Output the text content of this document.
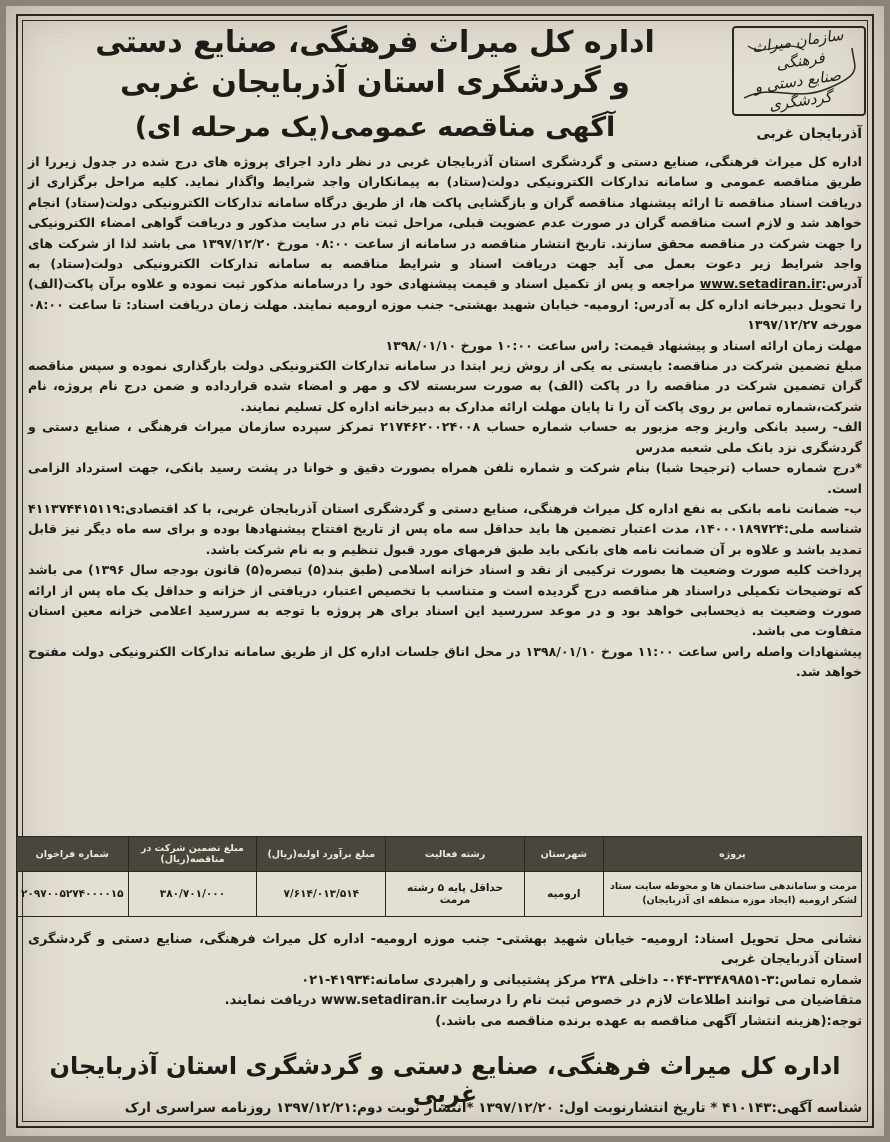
سازمان میراث فرهنگی
صنایع دستی و گردشگری
آذربایجان غربی
اداره کل میراث فرهنگی، صنایع دستی
و گردشگری استان آذربایجان غربی
آگهی مناقصه عمومی(یک مرحله ای)

اداره کل میراث فرهنگی، صنایع دستی و گردشگری استان آذربایجان غربی در نظر دارد اجرای پروژه های درج شده در جدول زیررا از طریق مناقصه عمومی و سامانه تدارکات الکترونیکی دولت(ستاد) به پیمانکاران واجد شرایط واگذار نماید. کلیه مراحل برگزاری از دریافت اسناد مناقصه تا ارائه پیشنهاد مناقصه گران و بازگشایی پاکت ها، از طریق درگاه سامانه تدارکات الکترونیکی دولت(ستاد) انجام خواهد شد و لازم است مناقصه گران در صورت عدم عضویت قبلی، مراحل ثبت نام در سایت مذکور و دریافت گواهی امضاء الکترونیکی را جهت شرکت در مناقصه محقق سازند. تاریخ انتشار مناقصه در سامانه از ساعت ۰۸:۰۰ مورخ ۱۳۹۷/۱۲/۲۰ می باشد لذا از شرکت های واجد شرایط زیر دعوت بعمل می آید جهت دریافت اسناد و شرایط مناقصه به سامانه تدارکات الکترونیکی دولت(ستاد) به آدرس:www.setadiran.ir مراجعه و پس از تکمیل اسناد و قیمت پیشنهادی خود را درسامانه مذکور ثبت نموده و علاوه برآن پاکت(الف) را تحویل دبیرخانه اداره کل به آدرس: ارومیه- خیابان شهید بهشتی- جنب موزه ارومیه نمایند. مهلت زمان دریافت اسناد: تا ساعت ۰۸:۰۰ مورخه ۱۳۹۷/۱۲/۲۷

مهلت زمان ارائه اسناد و پیشنهاد قیمت: راس ساعت ۱۰:۰۰ مورخ ۱۳۹۸/۰۱/۱۰

مبلغ تضمین شرکت در مناقصه: بایستی به یکی از روش زیر ابتدا در سامانه تدارکات الکترونیکی دولت بارگذاری نموده و سپس مناقصه گران تضمین شرکت در مناقصه را در پاکت (الف) به صورت سربسته لاک و مهر و امضاء شده قرارداده و ضمن درج نام پروژه، نام شرکت،شماره تماس بر روی پاکت آن را تا پایان مهلت ارائه مدارک به دبیرخانه اداره کل تسلیم نمایند.

الف- رسید بانکی واریز وجه مزبور به حساب شماره حساب ۲۱۷۴۶۲۰۰۲۴۰۰۸ تمرکز سپرده سازمان میراث فرهنگی ، صنایع دستی و گردشگری نزد بانک ملی شعبه مدرس

*درج شماره حساب (ترجیحا شبا) بنام شرکت و شماره تلفن همراه بصورت دقیق و خوانا در پشت رسید بانکی، جهت استرداد الزامی است.

ب- ضمانت نامه بانکی به نفع اداره کل میراث فرهنگی، صنایع دستی و گردشگری استان آذربایجان غربی، با کد اقتصادی:۴۱۱۳۷۴۴۱۵۱۱۹ شناسه ملی:۱۴۰۰۰۱۸۹۷۲۴، مدت اعتبار تضمین ها باید حداقل سه ماه پس از تاریخ افتتاح پیشنهادها بوده و برای سه ماه دیگر نیز قابل تمدید باشد و علاوه بر آن ضمانت نامه های بانکی باید طبق فرمهای مورد قبول تنظیم و به نام شرکت باشد.

پرداخت کلیه صورت وضعیت ها بصورت ترکیبی از نقد و اسناد خزانه اسلامی (طبق بند(۵) تبصره(۵) قانون بودجه سال ۱۳۹۶) می باشد که توضیحات تکمیلی دراسناد هر مناقصه درج گردیده است و متناسب با تخصیص اعتبار، دریافتی از خزانه و حداقل یک ماه پس از ارائه صورت وضعیت به ذیحسابی خواهد بود و در موعد سررسید این اسناد برای هر پروژه با توجه به سررسید اعلامی خزانه معین استان متفاوت می باشد.

پیشنهادات واصله راس ساعت ۱۱:۰۰ مورخ ۱۳۹۸/۰۱/۱۰ در محل اتاق جلسات اداره کل از طریق سامانه تدارکات الکترونیکی دولت مفتوح خواهد شد.

پروژه	شهرستان	رشته فعالیت	مبلغ برآورد اولیه(ریال)	مبلغ تضمین شرکت در مناقصه(ریال)	شماره فراخوان
مرمت و ساماندهی ساختمان ها و محوطه سایت ستاد لشکر ارومیه (ایجاد موزه منطقه ای آذربایجان)	ارومیه	حداقل پایه ۵ رشته مرمت	۷/۶۱۴/۰۱۳/۵۱۴	۳۸۰/۷۰۱/۰۰۰	۲۰۹۷۰۰۵۲۷۴۰۰۰۰۱۵

نشانی محل تحویل اسناد: ارومیه- خیابان شهید بهشتی- جنب موزه ارومیه- اداره کل میراث فرهنگی، صنایع دستی و گردشگری استان آذربایجان غربی

شماره تماس:۳-۳۳۴۸۹۸۵۱-۰۴۴- داخلی ۲۳۸ مرکز پشتیبانی و راهبردی سامانه:۴۱۹۳۴-۰۲۱

متقاضیان می توانند اطلاعات لازم در خصوص ثبت نام را درسایت www.setadiran.ir دریافت نمایند.

توجه:(هزینه انتشار آگهی مناقصه به عهده برنده مناقصه می باشد.)

اداره کل میراث فرهنگی، صنایع دستی و گردشگری استان آذربایجان غربی
شناسه آگهی:۴۱۰۱۴۳ * تاریخ انتشارنوبت اول: ۱۳۹۷/۱۲/۲۰ *انتشار نوبت دوم:۱۳۹۷/۱۲/۲۱ روزنامه سراسری ارک
